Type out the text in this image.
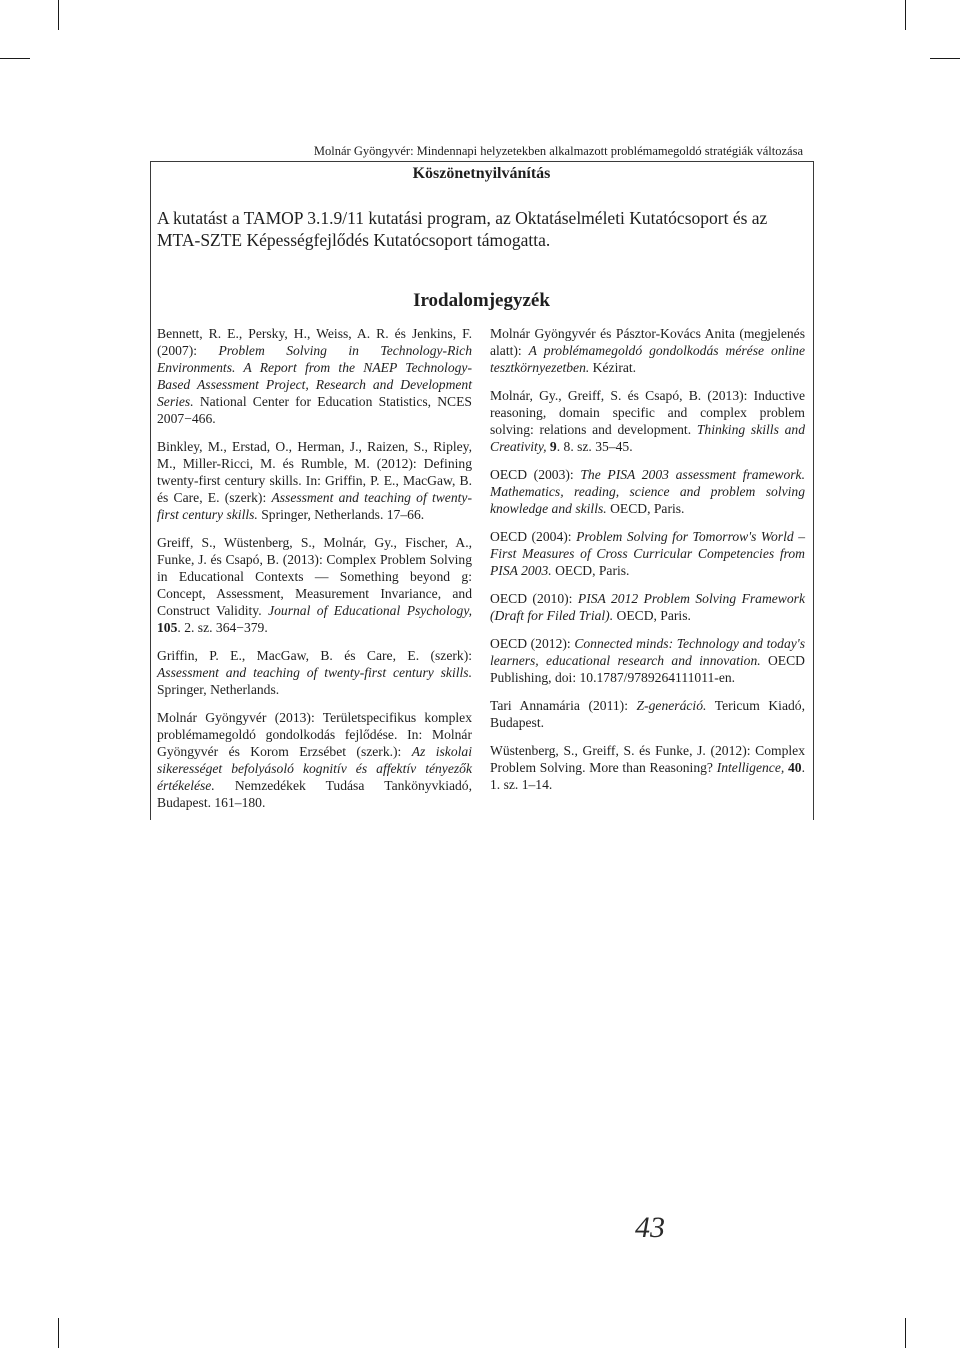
Molnár Gyöngyvér: Mindennapi helyzetekben alkalmazott problémamegoldó stratégiák változása
Köszönetnyilvánítás

A kutatást a TAMOP 3.1.9/11 kutatási program, az Oktatáselméleti Kutatócsoport és az MTA-SZTE Képességfejlődés Kutatócsoport támogatta.

Irodalomjegyzék

Bennett, R. E., Persky, H., Weiss, A. R. és Jenkins, F. (2007): Problem Solving in Technology-Rich Environments. A Report from the NAEP Technology-Based Assessment Project, Research and Development Series. National Center for Education Statistics, NCES 2007−466.

Binkley, M., Erstad, O., Herman, J., Raizen, S., Ripley, M., Miller-Ricci, M. és Rumble, M. (2012): Defining twenty-first century skills. In: Griffin, P. E., MacGaw, B. és Care, E. (szerk): Assessment and teaching of twenty-first century skills. Springer, Netherlands. 17–66.

Greiff, S., Wüstenberg, S., Molnár, Gy., Fischer, A., Funke, J. és Csapó, B. (2013): Complex Problem Solving in Educational Contexts — Something beyond g: Concept, Assessment, Measurement Invariance, and Construct Validity. Journal of Educational Psychology, 105. 2. sz. 364−379.

Griffin, P. E., MacGaw, B. és Care, E. (szerk): Assessment and teaching of twenty-first century skills. Springer, Netherlands.

Molnár Gyöngyvér (2013): Területspecifikus komplex problémamegoldó gondolkodás fejlődése. In: Molnár Gyöngyvér és Korom Erzsébet (szerk.): Az iskolai sikerességet befolyásoló kognitív és affektív tényezők értékelése. Nemzedékek Tudása Tankönyvkiadó, Budapest. 161–180.

Molnár Gyöngyvér és Pásztor-Kovács Anita (megjelenés alatt): A problémamegoldó gondolkodás mérése online tesztkörnyezetben. Kézirat.

Molnár, Gy., Greiff, S. és Csapó, B. (2013): Inductive reasoning, domain specific and complex problem solving: relations and development. Thinking skills and Creativity, 9. 8. sz. 35–45.

OECD (2003): The PISA 2003 assessment framework. Mathematics, reading, science and problem solving knowledge and skills. OECD, Paris.

OECD (2004): Problem Solving for Tomorrow's World – First Measures of Cross Curricular Competencies from PISA 2003. OECD, Paris.

OECD (2010): PISA 2012 Problem Solving Framework (Draft for Filed Trial). OECD, Paris.

OECD (2012): Connected minds: Technology and today's learners, educational research and innovation. OECD Publishing, doi: 10.1787/9789264111011-en.

Tari Annamária (2011): Z-generáció. Tericum Kiadó, Budapest.

Wüstenberg, S., Greiff, S. és Funke, J. (2012): Complex Problem Solving. More than Reasoning? Intelligence, 40. 1. sz. 1–14.

43
